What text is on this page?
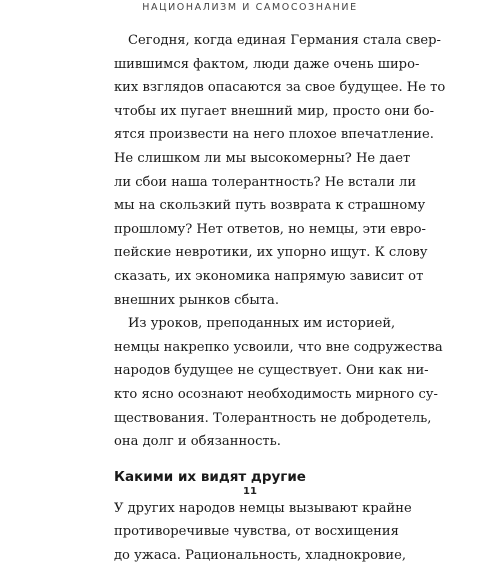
НАЦИОНАЛИЗМ И САМОСОЗНАНИЕ

Сегодня, когда единая Германия стала свер-
шившимся фактом, люди даже очень широ-
ких взглядов опасаются за свое будущее. Не то
чтобы их пугает внешний мир, просто они бо-
ятся произвести на него плохое впечатление.
Не слишком ли мы высокомерны? Не дает
ли сбои наша толерантность? Не встали ли
мы на скользкий путь возврата к страшному
прошлому? Нет ответов, но немцы, эти евро-
пейские невротики, их упорно ищут. К слову
сказать, их экономика напрямую зависит от
внешних рынков сбыта.

Из уроков, преподанных им историей,
немцы накрепко усвоили, что вне содружества
народов будущее не существует. Они как ни-
кто ясно осознают необходимость мирного су-
ществования. Толерантность не добродетель,
она долг и обязанность.

Какими их видят другие

У других народов немцы вызывают крайне
противоречивые чувства, от восхищения
до ужаса. Рациональность, хладнокровие,

11
